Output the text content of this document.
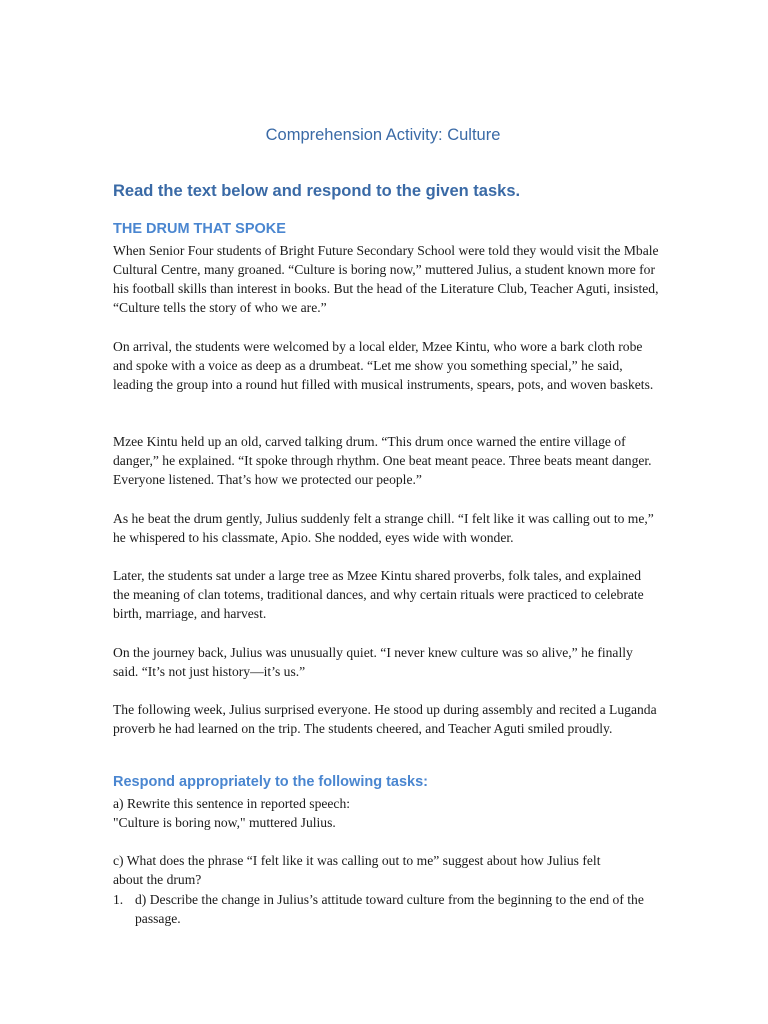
Comprehension Activity: Culture
Read the text below and respond to the given tasks.
THE DRUM THAT SPOKE

When Senior Four students of Bright Future Secondary School were told they would visit the Mbale Cultural Centre, many groaned. “Culture is boring now,” muttered Julius, a student known more for his football skills than interest in books. But the head of the Literature Club, Teacher Aguti, insisted, “Culture tells the story of who we are.”

On arrival, the students were welcomed by a local elder, Mzee Kintu, who wore a bark cloth robe and spoke with a voice as deep as a drumbeat. “Let me show you something special,” he said, leading the group into a round hut filled with musical instruments, spears, pots, and woven baskets.

Mzee Kintu held up an old, carved talking drum. “This drum once warned the entire village of danger,” he explained. “It spoke through rhythm. One beat meant peace. Three beats meant danger. Everyone listened. That’s how we protected our people.”

As he beat the drum gently, Julius suddenly felt a strange chill. “I felt like it was calling out to me,” he whispered to his classmate, Apio. She nodded, eyes wide with wonder.

Later, the students sat under a large tree as Mzee Kintu shared proverbs, folk tales, and explained the meaning of clan totems, traditional dances, and why certain rituals were practiced to celebrate birth, marriage, and harvest.

On the journey back, Julius was unusually quiet. “I never knew culture was so alive,” he finally said. “It’s not just history—it’s us.”

The following week, Julius surprised everyone. He stood up during assembly and recited a Luganda proverb he had learned on the trip. The students cheered, and Teacher Aguti smiled proudly.

Respond appropriately to the following tasks:

a) Rewrite this sentence in reported speech:

"Culture is boring now," muttered Julius.

c) What does the phrase “I felt like it was calling out to me” suggest about how Julius felt

about the drum?

1. d) Describe the change in Julius’s attitude toward culture from the beginning to the end of the passage.
